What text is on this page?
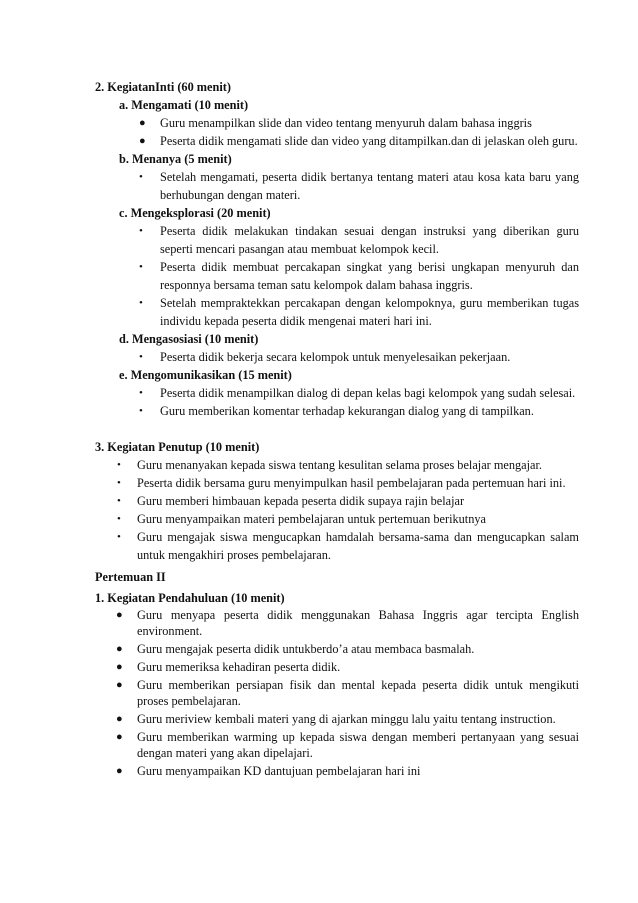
2. KegiatanInti (60 menit)
a. Mengamati (10 menit)
● Guru menampilkan slide dan video tentang menyuruh dalam bahasa inggris
● Peserta didik mengamati slide dan video yang ditampilkan.dan di jelaskan oleh guru.
b. Menanya (5 menit)
• Setelah mengamati, peserta didik bertanya tentang materi atau kosa kata baru yang berhubungan dengan materi.
c. Mengeksplorasi (20 menit)
• Peserta didik melakukan tindakan sesuai dengan instruksi yang diberikan guru seperti mencari pasangan atau membuat kelompok kecil.
• Peserta didik membuat percakapan singkat yang berisi ungkapan menyuruh dan responnya bersama teman satu kelompok dalam bahasa inggris.
• Setelah mempraktekkan percakapan dengan kelompoknya, guru memberikan tugas individu kepada peserta didik mengenai materi hari ini.
d. Mengasosiasi (10 menit)
• Peserta didik bekerja secara kelompok untuk menyelesaikan pekerjaan.
e. Mengomunikasikan (15 menit)
• Peserta didik menampilkan dialog di depan kelas bagi kelompok yang sudah selesai.
• Guru memberikan komentar terhadap kekurangan dialog yang di tampilkan.
3. Kegiatan Penutup (10 menit)
• Guru menanyakan kepada siswa tentang kesulitan selama proses belajar mengajar.
• Peserta didik bersama guru menyimpulkan hasil pembelajaran pada pertemuan hari ini.
• Guru memberi himbauan kepada peserta didik supaya rajin belajar
• Guru menyampaikan materi pembelajaran untuk pertemuan berikutnya
• Guru mengajak siswa mengucapkan hamdalah bersama-sama dan mengucapkan salam untuk mengakhiri proses pembelajaran.
Pertemuan II
1. Kegiatan Pendahuluan (10 menit)
● Guru menyapa peserta didik menggunakan Bahasa Inggris agar tercipta English environment.
● Guru mengajak peserta didik untukberdo’a atau membaca basmalah.
● Guru memeriksa kehadiran peserta didik.
● Guru memberikan persiapan fisik dan mental kepada peserta didik untuk mengikuti proses pembelajaran.
● Guru meriview kembali materi yang di ajarkan minggu lalu yaitu tentang instruction.
● Guru memberikan warming up kepada siswa dengan memberi pertanyaan yang sesuai dengan materi yang akan dipelajari.
● Guru menyampaikan KD dantujuan pembelajaran hari ini
